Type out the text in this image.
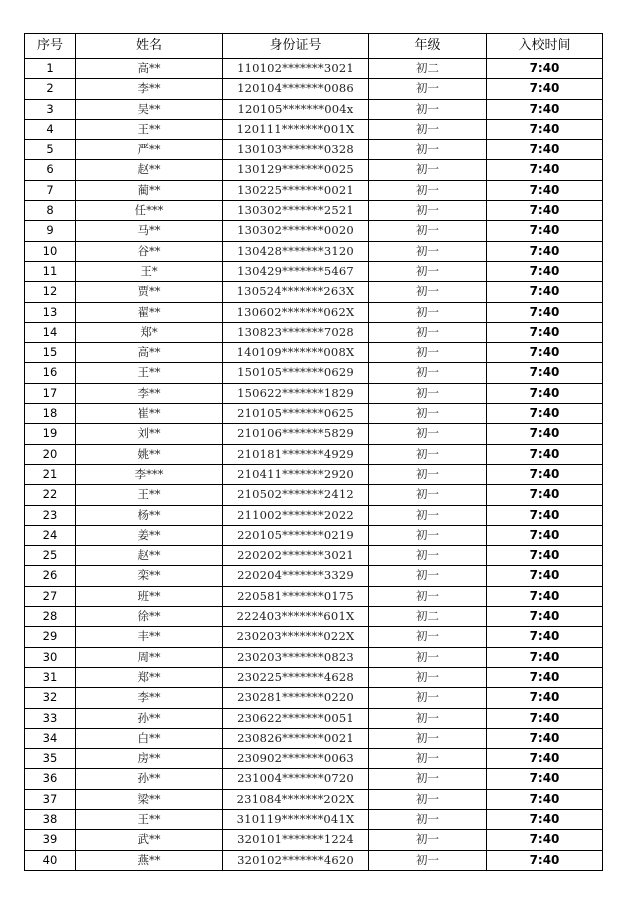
序号	姓名	身份证号	年级	入校时间
1	高**	110102*******3021	初二	7:40
2	李**	120104*******0086	初一	7:40
3	吴**	120105*******004x	初一	7:40
4	王**	120111*******001X	初一	7:40
5	严**	130103*******0328	初一	7:40
6	赵**	130129*******0025	初一	7:40
7	蔺**	130225*******0021	初一	7:40
8	任***	130302*******2521	初一	7:40
9	马**	130302*******0020	初一	7:40
10	谷**	130428*******3120	初一	7:40
11	王*	130429*******5467	初一	7:40
12	贾**	130524*******263X	初一	7:40
13	翟**	130602*******062X	初一	7:40
14	郑*	130823*******7028	初一	7:40
15	高**	140109*******008X	初一	7:40
16	王**	150105*******0629	初一	7:40
17	李**	150622*******1829	初一	7:40
18	崔**	210105*******0625	初一	7:40
19	刘**	210106*******5829	初一	7:40
20	姚**	210181*******4929	初一	7:40
21	李***	210411*******2920	初一	7:40
22	王**	210502*******2412	初一	7:40
23	杨**	211002*******2022	初一	7:40
24	姜**	220105*******0219	初一	7:40
25	赵**	220202*******3021	初一	7:40
26	栾**	220204*******3329	初一	7:40
27	班**	220581*******0175	初一	7:40
28	徐**	222403*******601X	初二	7:40
29	丰**	230203*******022X	初一	7:40
30	周**	230203*******0823	初一	7:40
31	郑**	230225*******4628	初一	7:40
32	李**	230281*******0220	初一	7:40
33	孙**	230622*******0051	初一	7:40
34	白**	230826*******0021	初一	7:40
35	房**	230902*******0063	初一	7:40
36	孙**	231004*******0720	初一	7:40
37	梁**	231084*******202X	初一	7:40
38	王**	310119*******041X	初一	7:40
39	武**	320101*******1224	初一	7:40
40	燕**	320102*******4620	初一	7:40
